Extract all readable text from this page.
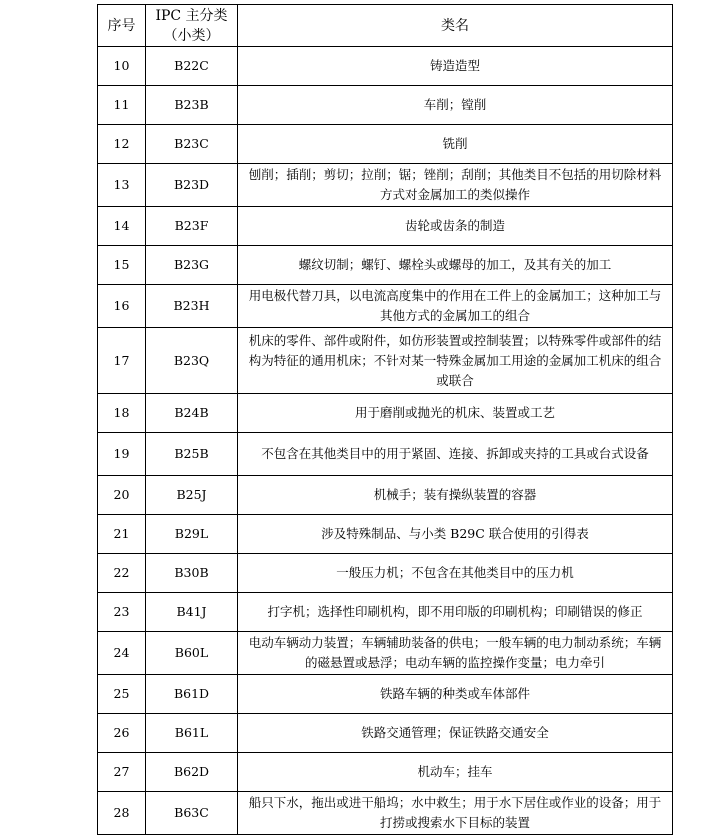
序号	IPC 主分类（小类）	类名
10	B22C	铸造造型
11	B23B	车削；镗削
12	B23C	铣削
13	B23D	刨削；插削；剪切；拉削；锯；锉削；刮削；其他类目不包括的用切除材料方式对金属加工的类似操作
14	B23F	齿轮或齿条的制造
15	B23G	螺纹切制；螺钉、螺栓头或螺母的加工，及其有关的加工
16	B23H	用电极代替刀具，以电流高度集中的作用在工件上的金属加工；这种加工与其他方式的金属加工的组合
17	B23Q	机床的零件、部件或附件，如仿形装置或控制装置；以特殊零件或部件的结构为特征的通用机床；不针对某一特殊金属加工用途的金属加工机床的组合或联合
18	B24B	用于磨削或抛光的机床、装置或工艺
19	B25B	不包含在其他类目中的用于紧固、连接、拆卸或夹持的工具或台式设备
20	B25J	机械手；装有操纵装置的容器
21	B29L	涉及特殊制品、与小类 B29C 联合使用的引得表
22	B30B	一般压力机；不包含在其他类目中的压力机
23	B41J	打字机；选择性印刷机构，即不用印版的印刷机构；印刷错误的修正
24	B60L	电动车辆动力装置；车辆辅助装备的供电；一般车辆的电力制动系统；车辆的磁悬置或悬浮；电动车辆的监控操作变量；电力牵引
25	B61D	铁路车辆的种类或车体部件
26	B61L	铁路交通管理；保证铁路交通安全
27	B62D	机动车；挂车
28	B63C	船只下水，拖出或进干船坞；水中救生；用于水下居住或作业的设备；用于打捞或搜索水下目标的装置
